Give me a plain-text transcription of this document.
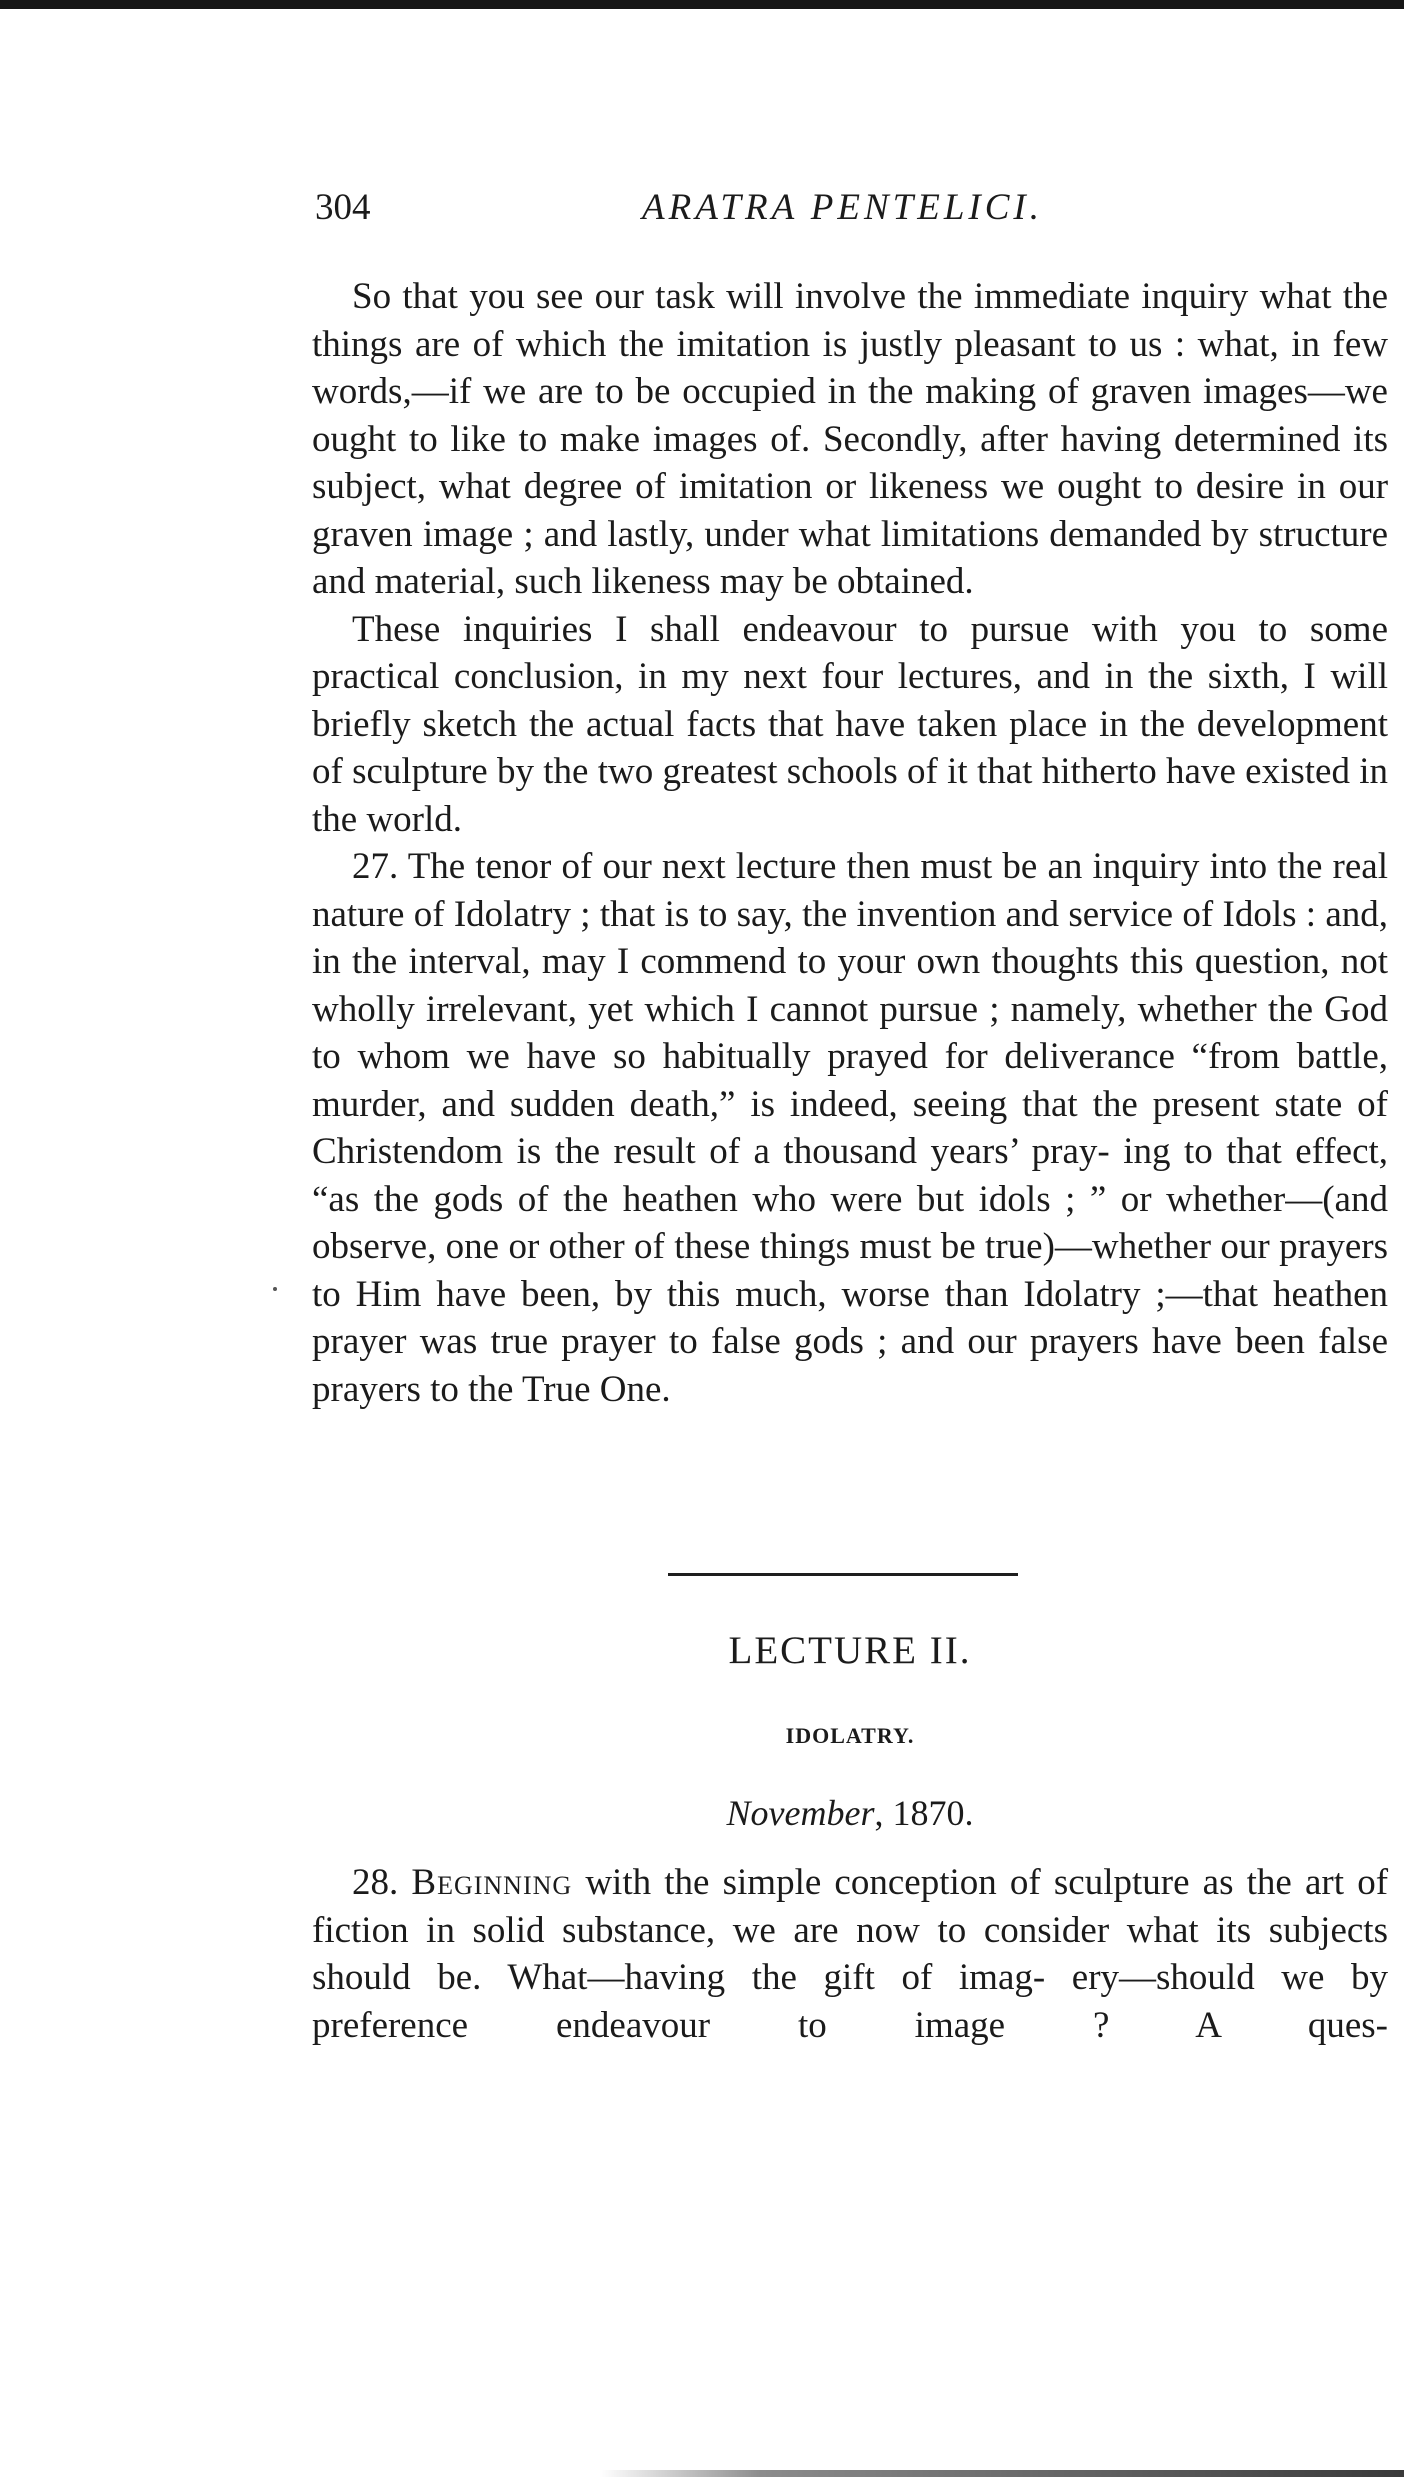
304	ARATRA PENTELICI.

So that you see our task will involve the immediate inquiry what the things are of which the imitation is justly pleasant to us : what, in few words,—if we are to be occupied in the making of graven images—we ought to like to make images of. Secondly, after having determined its subject, what degree of imitation or likeness we ought to desire in our graven image ; and lastly, under what limitations demanded by structure and material, such likeness may be obtained.

These inquiries I shall endeavour to pursue with you to some practical conclusion, in my next four lectures, and in the sixth, I will briefly sketch the actual facts that have taken place in the development of sculpture by the two greatest schools of it that hitherto have existed in the world.

27. The tenor of our next lecture then must be an inquiry into the real nature of Idolatry ; that is to say, the invention and service of Idols : and, in the interval, may I commend to your own thoughts this question, not wholly irrelevant, yet which I cannot pursue ; namely, whether the God to whom we have so habitually prayed for deliverance “from battle, murder, and sudden death,” is indeed, seeing that the present state of Christendom is the result of a thousand years’ pray- ing to that effect, “as the gods of the heathen who were but idols ; ” or whether—(and observe, one or other of these things must be true)—whether our prayers to Him have been, by this much, worse than Idolatry ;—that heathen prayer was true prayer to false gods ; and our prayers have been false prayers to the True One.

LECTURE II.
IDOLATRY.
November, 1870.

28. Beginning with the simple conception of sculpture as the art of fiction in solid substance, we are now to consider what its subjects should be. What—having the gift of imag- ery—should we by preference endeavour to image ? A ques-
